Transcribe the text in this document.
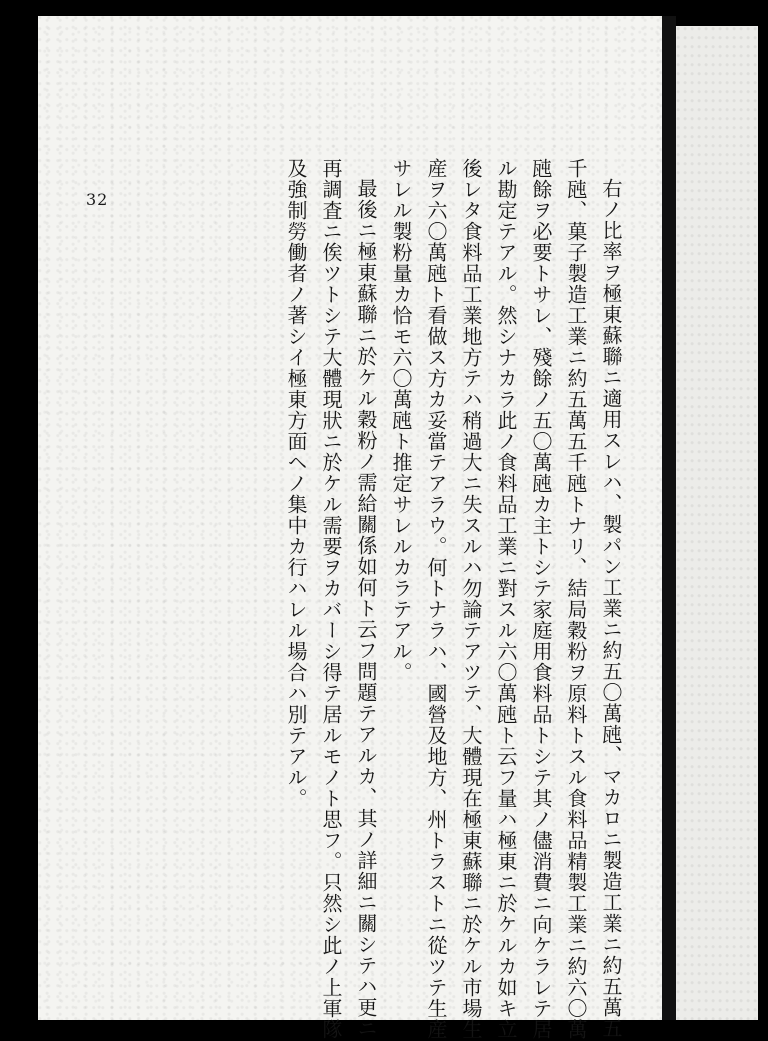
32	右ノ比率ヲ極東蘇聯ニ適用スレハ、製パン工業ニ約五〇萬瓲、マカロニ製造工業ニ約五萬五
千瓲、菓子製造工業ニ約五萬五千瓲トナリ、結局穀粉ヲ原料トスル食料品精製工業ニ約六〇萬
瓲餘ヲ必要トサレ、殘餘ノ五〇萬瓲カ主トシテ家庭用食料品トシテ其ノ儘消費ニ向ケラレテ居
ル勘定テアル。然シナカラ此ノ食料品工業ニ對スル六〇萬瓲ト云フ量ハ極東ニ於ケルカ如キ立
後レタ食料品工業地方テハ稍過大ニ失スルハ勿論テアツテ、大體現在極東蘇聯ニ於ケル市場生
産ヲ六〇萬瓲ト看做ス方カ妥當テアラウ。何トナラハ、國營及地方、州トラストニ從ツテ生産
サレル製粉量カ恰モ六〇萬瓲ト推定サレルカラテアル。
最後ニ極東蘇聯ニ於ケル穀粉ノ需給關係如何ト云フ問題テアルカ、其ノ詳細ニ關シテハ更ニ
再調査ニ俟ツトシテ大體現狀ニ於ケル需要ヲカバーシ得テ居ルモノト思フ。只然シ此ノ上軍隊
及強制勞働者ノ著シイ極東方面ヘノ集中カ行ハレル場合ハ別テアル。
